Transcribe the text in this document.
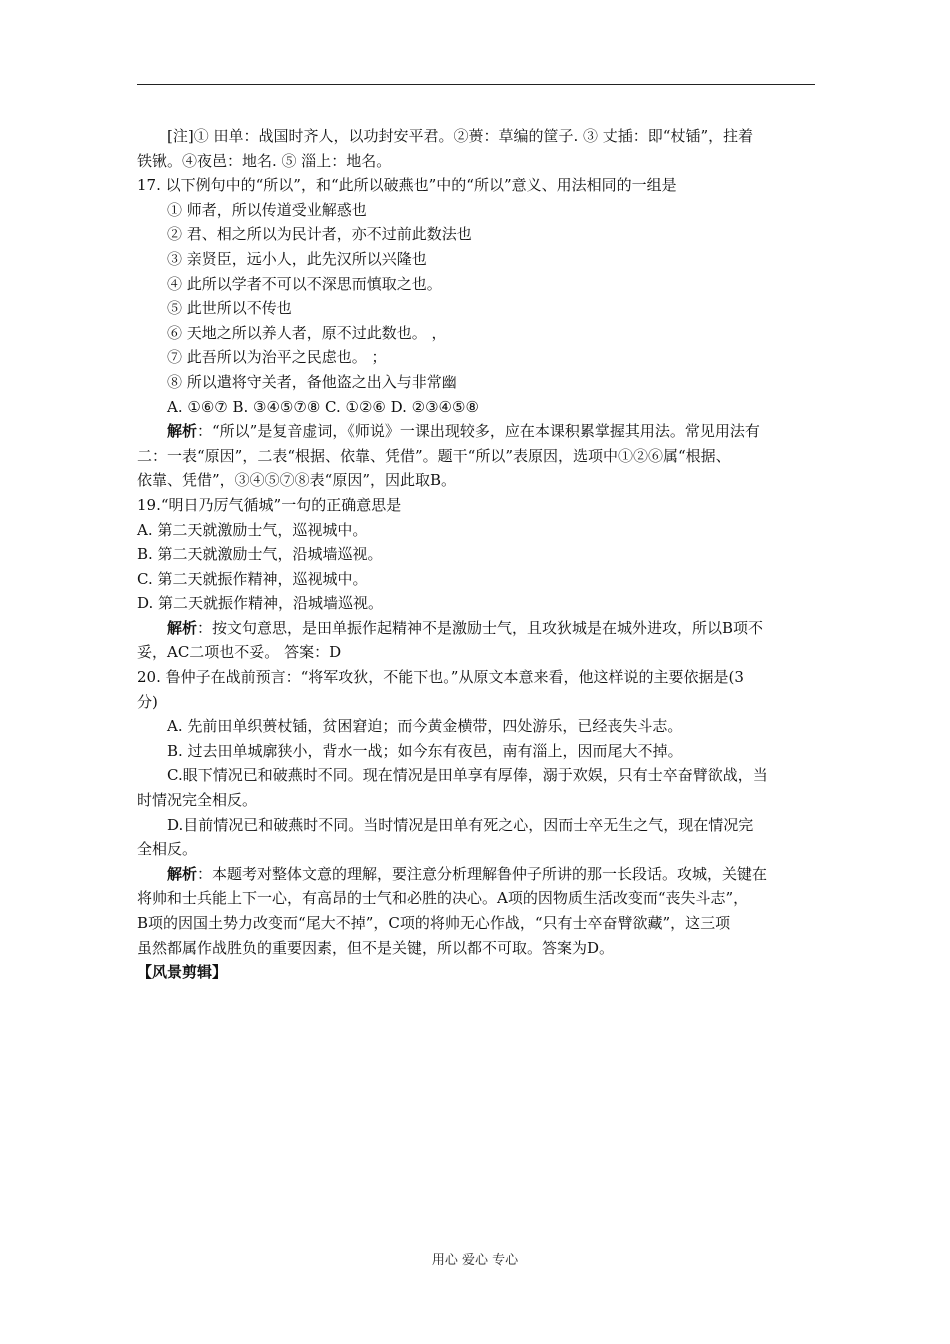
[注]① 田单：战国时齐人，以功封安平君。②蒉：草编的筐子. ③ 丈插：即“杖锸”，拄着
铁锹。④夜邑：地名. ⑤ 淄上：地名。
17. 以下例句中的“所以”，和“此所以破燕也”中的“所以”意义、用法相同的一组是
① 师者，所以传道受业解惑也
② 君、相之所以为民计者，亦不过前此数法也
③ 亲贤臣，远小人，此先汉所以兴隆也
④ 此所以学者不可以不深思而慎取之也。
⑤ 此世所以不传也
⑥ 天地之所以养人者，原不过此数也。 ，
⑦ 此吾所以为治平之民虑也。 ；
⑧ 所以遣将守关者，备他盗之出入与非常幽
A. ①⑥⑦ B. ③④⑤⑦⑧ C. ①②⑥ D. ②③④⑤⑧
解析：“所以”是复音虚词，《师说》一课出现较多，应在本课积累掌握其用法。常见用法有
二：一表“原因”，二表“根据、依靠、凭借”。题干“所以”表原因，选项中①②⑥属“根据、
依靠、凭借”，③④⑤⑦⑧表“原因”，因此取B。
19.“明日乃厉气循城”一句的正确意思是
A. 第二天就激励士气，巡视城中。
B. 第二天就激励士气，沿城墙巡视。
C. 第二天就振作精神，巡视城中。
D. 第二天就振作精神，沿城墙巡视。
解析：按文句意思，是田单振作起精神不是激励士气，且攻狄城是在城外进攻，所以B项不
妥，AC二项也不妥。 答案：D
20. 鲁仲子在战前预言：“将军攻狄，不能下也。”从原文本意来看，他这样说的主要依据是(3
分)
A. 先前田单织蒉杖锸，贫困窘迫；而今黄金横带，四处游乐，已经丧失斗志。
B. 过去田单城廓狭小，背水一战；如今东有夜邑，南有淄上，因而尾大不掉。
C.眼下情况已和破燕时不同。现在情况是田单享有厚俸，溺于欢娱，只有士卒奋臂欲战，当
时情况完全相反。
D.目前情况已和破燕时不同。当时情况是田单有死之心，因而士卒无生之气，现在情况完
全相反。
解析：本题考对整体文意的理解，要注意分析理解鲁仲子所讲的那一长段话。攻城，关键在
将帅和士兵能上下一心，有高昂的士气和必胜的决心。A项的因物质生活改变而“丧失斗志”，
B项的因国土势力改变而“尾大不掉”，C项的将帅无心作战，“只有士卒奋臂欲藏”，这三项
虽然都属作战胜负的重要因素，但不是关键，所以都不可取。答案为D。
【风景剪辑】
用心 爱心 专心
